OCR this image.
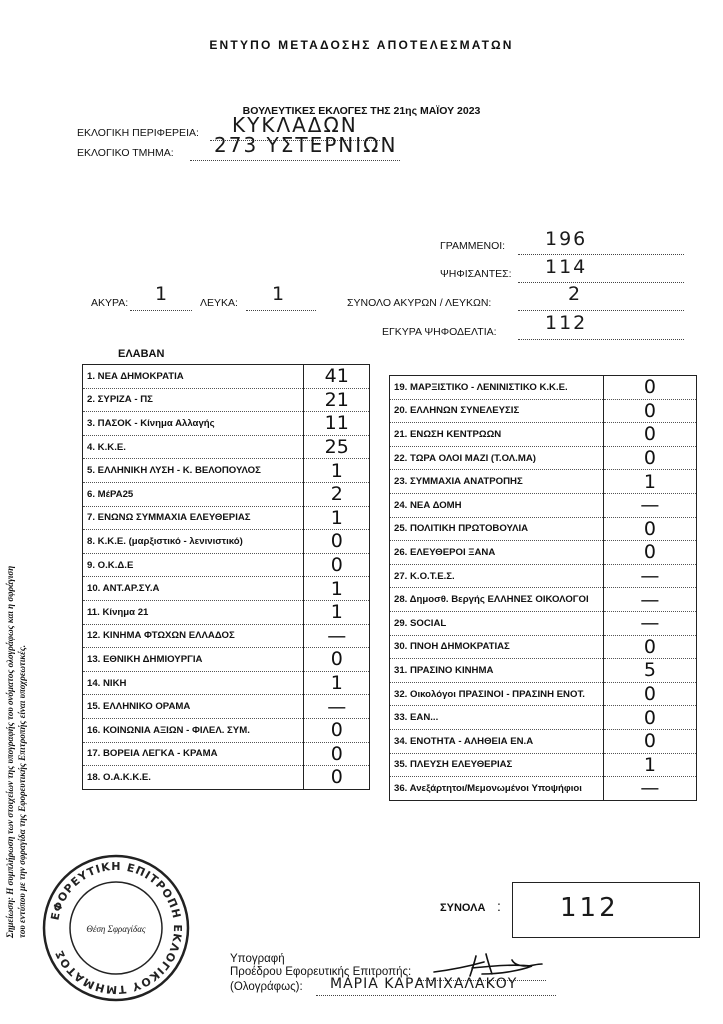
ΕΝΤΥΠΟ ΜΕΤΑΔΟΣΗΣ ΑΠΟΤΕΛΕΣΜΑΤΩΝ
ΒΟΥΛΕΥΤΙΚΕΣ ΕΚΛΟΓΕΣ ΤΗΣ 21ης ΜΑΪΟΥ 2023
ΕΚΛΟΓΙΚΗ ΠΕΡΙΦΕΡΕΙΑ: ΚΥΚΛΑΔΩΝ
ΕΚΛΟΓΙΚΟ ΤΜΗΜΑ: 273 ΥΣΤΕΡΝΙΩΝ
ΓΡΑΜΜΕΝΟΙ: 196
ΨΗΦΙΣΑΝΤΕΣ: 114
ΑΚΥΡΑ: 1	ΛΕΥΚΑ: 1	ΣΥΝΟΛΟ ΑΚΥΡΩΝ / ΛΕΥΚΩΝ:	2
ΕΓΚΥΡΑ ΨΗΦΟΔΕΛΤΙΑ:	112
ΕΛΑΒΑΝ
1. ΝΕΑ ΔΗΜΟΚΡΑΤΙΑ	41
2. ΣΥΡΙΖΑ - ΠΣ	21
3. ΠΑΣΟΚ - Κίνημα Αλλαγής	11
4. Κ.Κ.Ε.	25
5. ΕΛΛΗΝΙΚΗ ΛΥΣΗ - Κ. ΒΕΛΟΠΟΥΛΟΣ	1
6. ΜέΡΑ25	2
7. ΕΝΩΝΩ ΣΥΜΜΑΧΙΑ ΕΛΕΥΘΕΡΙΑΣ	1
8. Κ.Κ.Ε. (μαρξιστικό - λενινιστικό)	0
9. Ο.Κ.Δ.Ε	0
10. ΑΝΤ.ΑΡ.ΣΥ.Α	1
11. Κίνημα 21	1
12. ΚΙΝΗΜΑ ΦΤΩΧΩΝ ΕΛΛΑΔΟΣ	—
13. ΕΘΝΙΚΗ ΔΗΜΙΟΥΡΓΙΑ	0
14. ΝΙΚΗ	1
15. ΕΛΛΗΝΙΚΟ ΟΡΑΜΑ	—
16. ΚΟΙΝΩΝΙΑ ΑΞΙΩΝ - ΦΙΛΕΛ. ΣΥΜ.	0
17. ΒΟΡΕΙΑ ΛΕΓΚΑ - ΚΡΑΜΑ	0
18. Ο.Α.Κ.Κ.Ε.	0
19. ΜΑΡΞΙΣΤΙΚΟ - ΛΕΝΙΝΙΣΤΙΚΟ Κ.Κ.Ε.	0
20. ΕΛΛΗΝΩΝ ΣΥΝΕΛΕΥΣΙΣ	0
21. ΕΝΩΣΗ ΚΕΝΤΡΩΩΝ	0
22. ΤΩΡΑ ΟΛΟΙ ΜΑΖΙ (Τ.ΟΛ.ΜΑ)	0
23. ΣΥΜΜΑΧΙΑ ΑΝΑΤΡΟΠΗΣ	1
24. ΝΕΑ ΔΟΜΗ	—
25. ΠΟΛΙΤΙΚΗ ΠΡΩΤΟΒΟΥΛΙΑ	0
26. ΕΛΕΥΘΕΡΟΙ ΞΑΝΑ	0
27. Κ.Ο.Τ.Ε.Σ.	—
28. Δημοσθ. Βεργής ΕΛΛΗΝΕΣ ΟΙΚΟΛΟΓΟΙ	—
29. SOCIAL	—
30. ΠΝΟΗ ΔΗΜΟΚΡΑΤΙΑΣ	0
31. ΠΡΑΣΙΝΟ ΚΙΝΗΜΑ	5
32. Οικολόγοι ΠΡΑΣΙΝΟΙ - ΠΡΑΣΙΝΗ ΕΝΟΤ.	0
33. ΕΑΝ...	0
34. ΕΝΟΤΗΤΑ - ΑΛΗΘΕΙΑ ΕΝ.Α	0
35. ΠΛΕΥΣΗ ΕΛΕΥΘΕΡΙΑΣ	1
36. Ανεξάρτητοι/Μεμονωμένοι Υποψήφιοι	—
Σημείωση: Η συμπλήρωση των στοιχείων της υπογραφής του ονόματος ολογράφως και η σφράγιση του εντύπου με την σφραγίδα της Εφορευτικής Επιτροπής είναι υποχρεωτικές.	ΣΥΝΟΛΑ : 112
ΕΦΟΡΕΥΤΙΚΗ ΕΠΙΤΡΟΠΗ ΕΚΛΟΓΙΚΟΥ ΤΜΗΜΑΤΟΣ
Θέση Σφραγίδας
Υπογραφή
Προέδρου Εφορευτικής Επιτροπής:
(Ολογράφως): ΜΑΡΙΑ ΚΑΡΑΜΙΧΑΛΑΚΟΥ
